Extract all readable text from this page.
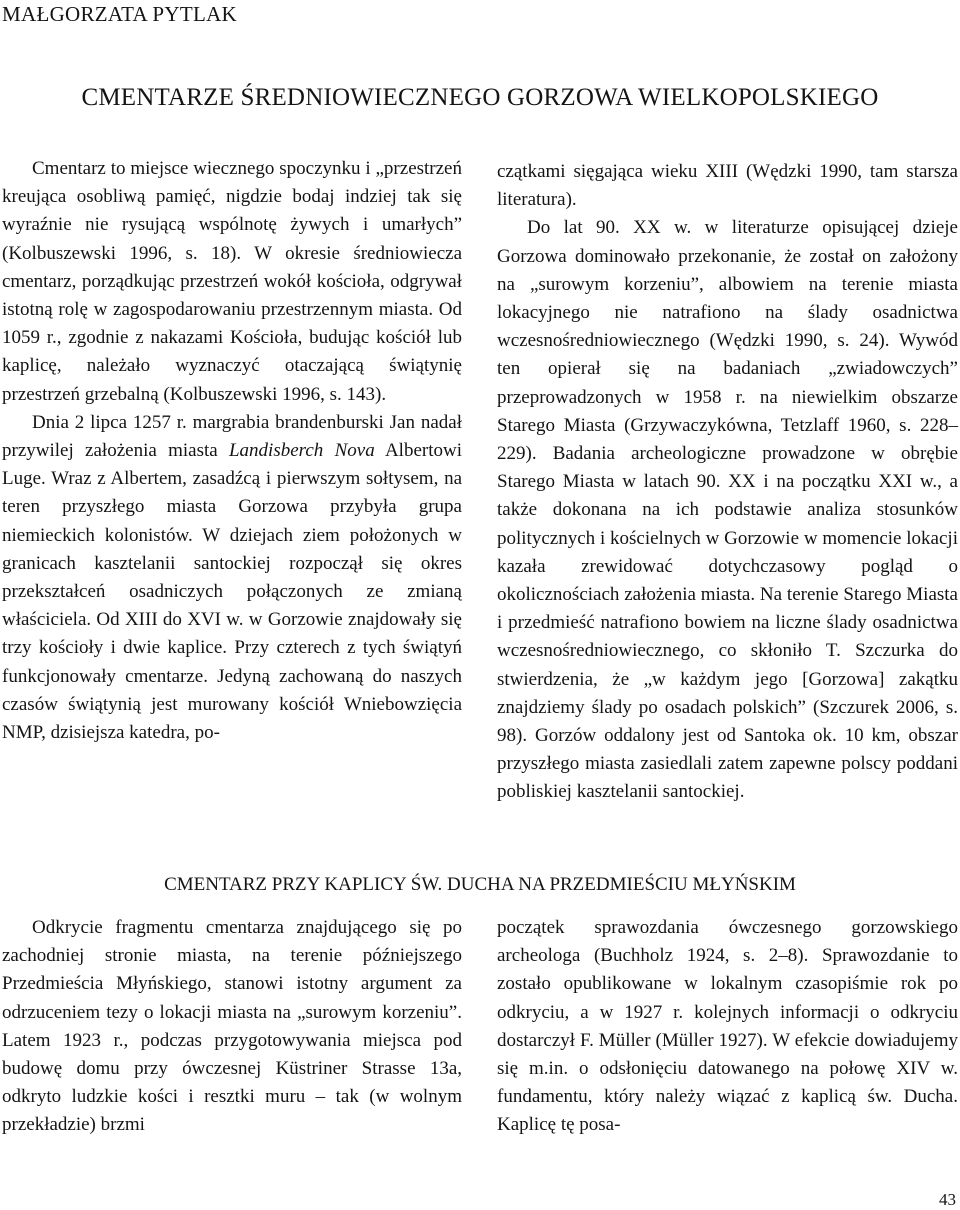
MAŁGORZATA PYTLAK
CMENTARZE ŚREDNIOWIECZNEGO GORZOWA WIELKOPOLSKIEGO

Cmentarz to miejsce wiecznego spoczynku i „przestrzeń kreująca osobliwą pamięć, nigdzie bodaj indziej tak się wyraźnie nie rysującą wspólnotę żywych i umarłych” (Kolbuszewski 1996, s. 18). W okresie średniowiecza cmentarz, porządkując przestrzeń wokół kościoła, odgrywał istotną rolę w zagospodarowaniu przestrzennym miasta. Od 1059 r., zgodnie z nakazami Kościoła, budując kościół lub kaplicę, należało wyznaczyć otaczającą świątynię przestrzeń grzebalną (Kolbuszewski 1996, s. 143).

Dnia 2 lipca 1257 r. margrabia brandenburski Jan nadał przywilej założenia miasta Landisberch Nova Albertowi Luge. Wraz z Albertem, zasadźcą i pierwszym sołtysem, na teren przyszłego miasta Gorzowa przybyła grupa niemieckich kolonistów. W dziejach ziem położonych w granicach kasztelanii santockiej rozpoczął się okres przekształceń osadniczych połączonych ze zmianą właściciela. Od XIII do XVI w. w Gorzowie znajdowały się trzy kościoły i dwie kaplice. Przy czterech z tych świątyń funkcjonowały cmentarze. Jedyną zachowaną do naszych czasów świątynią jest murowany kościół Wniebowzięcia NMP, dzisiejsza katedra, po-

czątkami sięgająca wieku XIII (Wędzki 1990, tam starsza literatura).

Do lat 90. XX w. w literaturze opisującej dzieje Gorzowa dominowało przekonanie, że został on założony na „surowym korzeniu”, albowiem na terenie miasta lokacyjnego nie natrafiono na ślady osadnictwa wczesnośredniowiecznego (Wędzki 1990, s. 24). Wywód ten opierał się na badaniach „zwiadowczych” przeprowadzonych w 1958 r. na niewielkim obszarze Starego Miasta (Grzywaczykówna, Tetzlaff 1960, s. 228–229). Badania archeologiczne prowadzone w obrębie Starego Miasta w latach 90. XX i na początku XXI w., a także dokonana na ich podstawie analiza stosunków politycznych i kościelnych w Gorzowie w momencie lokacji kazała zrewidować dotychczasowy pogląd o okolicznościach założenia miasta. Na terenie Starego Miasta i przedmieść natrafiono bowiem na liczne ślady osadnictwa wczesnośredniowiecznego, co skłoniło T. Szczurka do stwierdzenia, że „w każdym jego [Gorzowa] zakątku znajdziemy ślady po osadach polskich” (Szczurek 2006, s. 98). Gorzów oddalony jest od Santoka ok. 10 km, obszar przyszłego miasta zasiedlali zatem zapewne polscy poddani pobliskiej kasztelanii santockiej.

CMENTARZ PRZY KAPLICY ŚW. DUCHA NA PRZEDMIEŚCIU MŁYŃSKIM

Odkrycie fragmentu cmentarza znajdującego się po zachodniej stronie miasta, na terenie późniejszego Przedmieścia Młyńskiego, stanowi istotny argument za odrzuceniem tezy o lokacji miasta na „surowym korzeniu”. Latem 1923 r., podczas przygotowywania miejsca pod budowę domu przy ówczesnej Küstriner Strasse 13a, odkryto ludzkie kości i resztki muru – tak (w wolnym przekładzie) brzmi

początek sprawozdania ówczesnego gorzowskiego archeologa (Buchholz 1924, s. 2–8). Sprawozdanie to zostało opublikowane w lokalnym czasopiśmie rok po odkryciu, a w 1927 r. kolejnych informacji o odkryciu dostarczył F. Müller (Müller 1927). W efekcie dowiadujemy się m.in. o odsłonięciu datowanego na połowę XIV w. fundamentu, który należy wiązać z kaplicą św. Ducha. Kaplicę tę posa-

43
